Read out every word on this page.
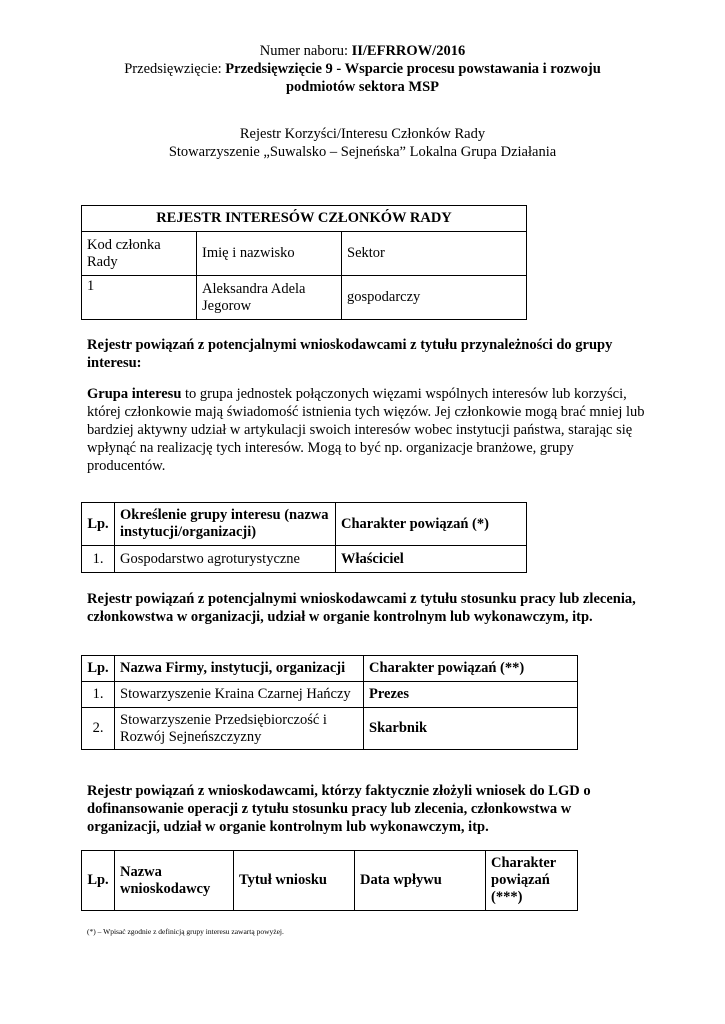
Numer naboru: II/EFRROW/2016
Przedsięwzięcie: Przedsięwzięcie 9 - Wsparcie procesu powstawania i rozwoju
podmiotów sektora MSP
Rejestr Korzyści/Interesu Członków Rady
Stowarzyszenie „Suwalsko – Sejneńska” Lokalna Grupa Działania
REJESTR INTERESÓW CZŁONKÓW RADY		
Kod członka Rady	Imię i nazwisko	Sektor
1	Aleksandra Adela Jegorow	gospodarczy
Rejestr powiązań z potencjalnymi wnioskodawcami z tytułu przynależności do grupy interesu:
Grupa interesu to grupa jednostek połączonych więzami wspólnych interesów lub korzyści, której członkowie mają świadomość istnienia tych więzów. Jej członkowie mogą brać mniej lub bardziej aktywny udział w artykulacji swoich interesów wobec instytucji państwa, starając się wpłynąć na realizację tych interesów. Mogą to być np. organizacje branżowe, grupy producentów.
Lp.	Określenie grupy interesu (nazwa instytucji/organizacji)	Charakter powiązań (*)
1.	Gospodarstwo agroturystyczne	Właściciel
Rejestr powiązań z potencjalnymi wnioskodawcami z tytułu stosunku pracy lub zlecenia, członkowstwa w organizacji, udział w organie kontrolnym lub wykonawczym, itp.
Lp.	Nazwa Firmy, instytucji, organizacji	Charakter powiązań (**)
1.	Stowarzyszenie Kraina Czarnej Hańczy	Prezes
2.	Stowarzyszenie Przedsiębiorczość i Rozwój Sejneńszczyzny	Skarbnik
Rejestr powiązań z wnioskodawcami, którzy faktycznie złożyli wniosek do LGD o dofinansowanie operacji z tytułu stosunku pracy lub zlecenia, członkowstwa w organizacji, udział w organie kontrolnym lub wykonawczym, itp.
Lp.	Nazwa wnioskodawcy	Tytuł wniosku	Data wpływu	Charakter powiązań (***)
(*) – Wpisać zgodnie z definicją grupy interesu zawartą powyżej.
